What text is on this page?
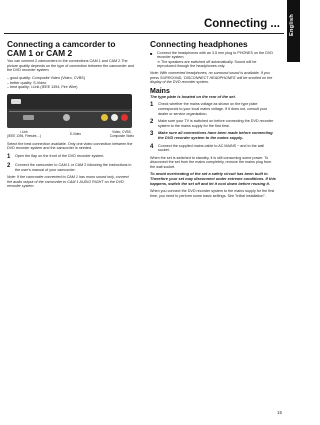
Connecting ... English
Connecting a camcorder to CAM 1 or CAM 2

You can connect 2 camcorders to the connections CAM 1 and CAM 2.The picture quality depends on the type of connection between the camcorder and the DVD recorder system:

– good quality: Composite Video (Video, CVBS)
– better quality: S-Video
– best quality: i.Link (IEEE 1394, Fire Wire)
i.Link
(IEEE 1394, Firewire,...)	S-Video	Video, CVBS,
Composite Video

Select the best connection available. Only one video connection between the DVD recorder system and the camcorder is needed.

1	Open the flap on the front of the DVD recorder system.

2	Connect the camcorder to CAM 1 or CAM 2 following the instructions in the user's manual of your camcorder.

Note: If the camcorder connected to CAM 1 has mono sound only, connect the audio output of the camcorder to CAM 1 AUDIO RIGHT on the DVD recorder system.

Connecting headphones
■	Connect the headphones with an 3.5 mm plug to PHONES on the DVD recorder system.

➜ The speakers are switched off automatically. Sound will be reproduced through the headphones only.

Note: With connected headphones, no surround sound is available. If you press SURROUND, 'DISCONNECT HEADPHONES' will be scrolled on the display of the DVD recorder system.

Mains

The type plate is located on the rear of the set.

1	Check whether the mains voltage as shown on the type plate corresponds to your local mains voltage. If it does not, consult your dealer or service organisation.

2	Make sure your TV is switched on before connecting the DVD recorder system to the mains supply for the first time.

3	Make sure all connections have been made before connecting the DVD recorder system to the mains supply.

4	Connect the supplied mains cable to AC MAINS ~ and to the wall socket.

When the set is switched to standby, it is still consuming some power. To disconnect the set from the mains completely, remove the mains plug from the wall socket.

To avoid overheating of the set a safety circuit has been built in. Therefore your set may disconnect under extreme conditions. If this happens, switch the set off and let it cool down before reusing it.

When you connect the DVD recorder system to the mains supply for the first time, you need to perform some basic settings. See "Initial installation".

15
